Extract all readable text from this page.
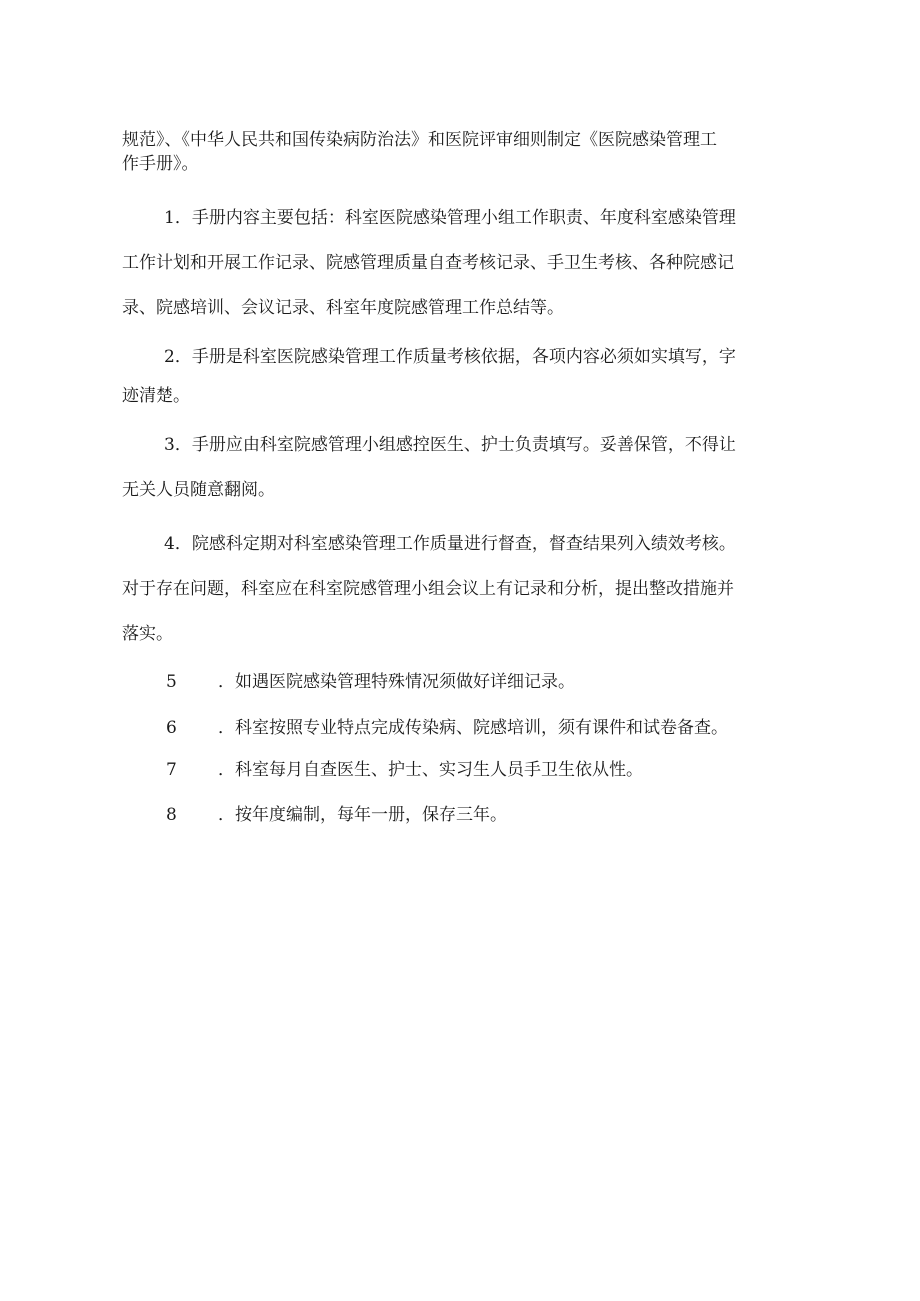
规范》、《中华人民共和国传染病防治法》和医院评审细则制定《医院感染管理工
作手册》。
1．手册内容主要包括：科室医院感染管理小组工作职责、年度科室感染管理
工作计划和开展工作记录、院感管理质量自查考核记录、手卫生考核、各种院感记
录、院感培训、会议记录、科室年度院感管理工作总结等。
2．手册是科室医院感染管理工作质量考核依据，各项内容必须如实填写，字
迹清楚。
3．手册应由科室院感管理小组感控医生、护士负责填写。妥善保管，不得让
无关人员随意翻阅。
4．院感科定期对科室感染管理工作质量进行督查，督查结果列入绩效考核。
对于存在问题，科室应在科室院感管理小组会议上有记录和分析，提出整改措施并
落实。
5 ．如遇医院感染管理特殊情况须做好详细记录。
6 ．科室按照专业特点完成传染病、院感培训，须有课件和试卷备查。
7 ．科室每月自查医生、护士、实习生人员手卫生依从性。
8 ．按年度编制，每年一册，保存三年。
